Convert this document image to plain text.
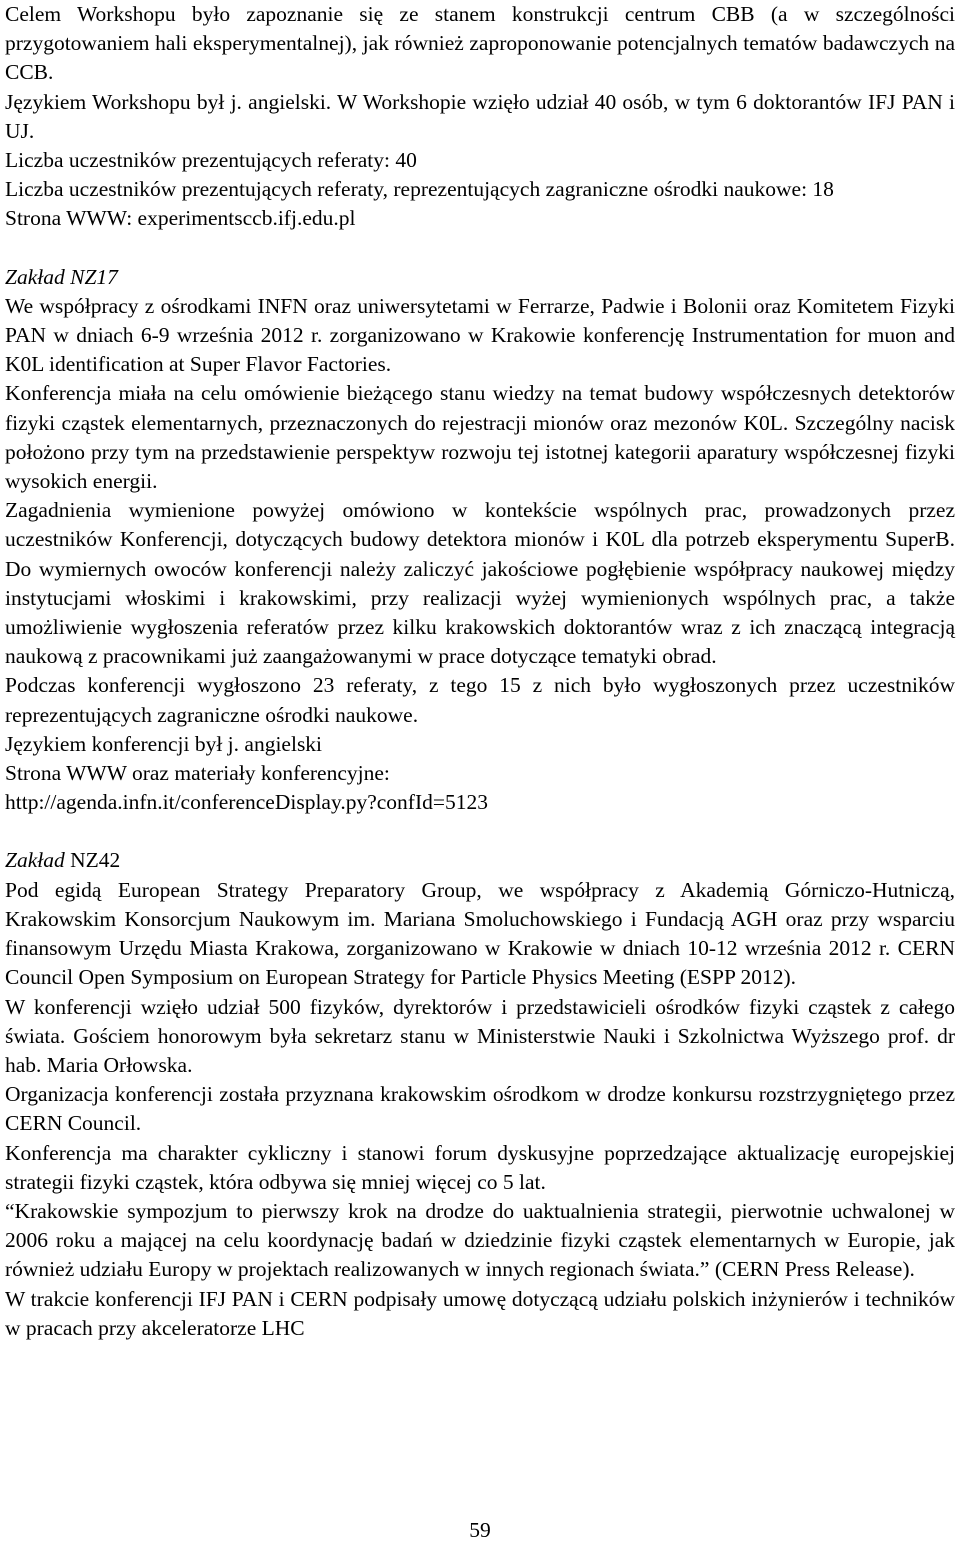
Celem Workshopu było zapoznanie się ze stanem konstrukcji centrum CBB (a w szczególności przygotowaniem hali eksperymentalnej), jak również zaproponowanie potencjalnych tematów badawczych na CCB.

Językiem Workshopu był j. angielski. W Workshopie wzięło udział 40 osób, w tym 6 doktorantów IFJ PAN i UJ.

Liczba uczestników prezentujących referaty: 40

Liczba uczestników prezentujących referaty, reprezentujących zagraniczne ośrodki naukowe: 18

Strona WWW: experimentsccb.ifj.edu.pl

Zakład NZ17

We współpracy z ośrodkami INFN oraz uniwersytetami w Ferrarze, Padwie i Bolonii oraz Komitetem Fizyki PAN w dniach 6-9 września 2012 r. zorganizowano w Krakowie konferencję Instrumentation for muon and K0L identification at Super Flavor Factories.

Konferencja miała na celu omówienie bieżącego stanu wiedzy na temat budowy współczesnych detektorów fizyki cząstek elementarnych, przeznaczonych do rejestracji mionów oraz mezonów K0L. Szczególny nacisk położono przy tym na przedstawienie perspektyw rozwoju tej istotnej kategorii aparatury współczesnej fizyki wysokich energii.

Zagadnienia wymienione powyżej omówiono w kontekście wspólnych prac, prowadzonych przez uczestników Konferencji, dotyczących budowy detektora mionów i K0L dla potrzeb eksperymentu SuperB. Do wymiernych owoców konferencji należy zaliczyć jakościowe pogłębienie współpracy naukowej między instytucjami włoskimi i krakowskimi, przy realizacji wyżej wymienionych wspólnych prac, a także umożliwienie wygłoszenia referatów przez kilku krakowskich doktorantów wraz z ich znaczącą integracją naukową z pracownikami już zaangażowanymi w prace dotyczące tematyki obrad.

Podczas konferencji wygłoszono 23 referaty, z tego 15 z nich było wygłoszonych przez uczestników reprezentujących zagraniczne ośrodki naukowe.

Językiem konferencji był j. angielski

Strona WWW oraz materiały konferencyjne:

http://agenda.infn.it/conferenceDisplay.py?confId=5123

Zakład NZ42

Pod egidą European Strategy Preparatory Group, we współpracy z Akademią Górniczo-Hutniczą, Krakowskim Konsorcjum Naukowym im. Mariana Smoluchowskiego i Fundacją AGH oraz przy wsparciu finansowym Urzędu Miasta Krakowa, zorganizowano w Krakowie w dniach 10-12 września 2012 r. CERN Council Open Symposium on European Strategy for Particle Physics Meeting (ESPP 2012).

W konferencji wzięło udział 500 fizyków, dyrektorów i przedstawicieli ośrodków fizyki cząstek z całego świata. Gościem honorowym była sekretarz stanu w Ministerstwie Nauki i Szkolnictwa Wyższego prof. dr hab. Maria Orłowska.

Organizacja konferencji została przyznana krakowskim ośrodkom w drodze konkursu rozstrzygniętego przez CERN Council.

Konferencja ma charakter cykliczny i stanowi forum dyskusyjne poprzedzające aktualizację europejskiej strategii fizyki cząstek, która odbywa się mniej więcej co 5 lat.

“Krakowskie sympozjum to pierwszy krok na drodze do uaktualnienia strategii, pierwotnie uchwalonej w 2006 roku a mającej na celu koordynację badań w dziedzinie fizyki cząstek elementarnych w Europie, jak również udziału Europy w projektach realizowanych w innych regionach świata.” (CERN Press Release).

W trakcie konferencji IFJ PAN i CERN podpisały umowę dotyczącą udziału polskich inżynierów i techników w pracach przy akceleratorze LHC

59
